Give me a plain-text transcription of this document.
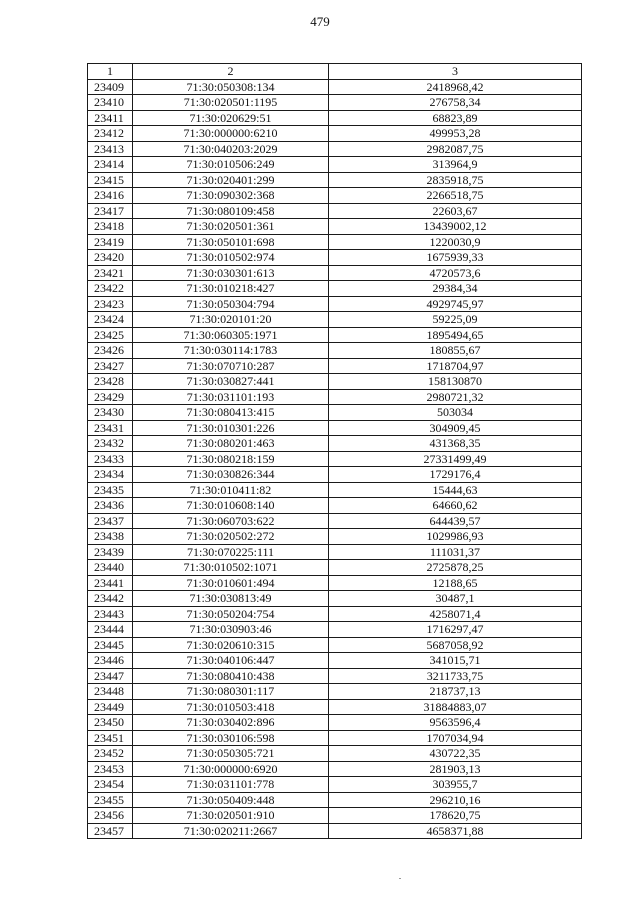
479
1	2	3
23409	71:30:050308:134	2418968,42
23410	71:30:020501:1195	276758,34
23411	71:30:020629:51	68823,89
23412	71:30:000000:6210	499953,28
23413	71:30:040203:2029	2982087,75
23414	71:30:010506:249	313964,9
23415	71:30:020401:299	2835918,75
23416	71:30:090302:368	2266518,75
23417	71:30:080109:458	22603,67
23418	71:30:020501:361	13439002,12
23419	71:30:050101:698	1220030,9
23420	71:30:010502:974	1675939,33
23421	71:30:030301:613	4720573,6
23422	71:30:010218:427	29384,34
23423	71:30:050304:794	4929745,97
23424	71:30:020101:20	59225,09
23425	71:30:060305:1971	1895494,65
23426	71:30:030114:1783	180855,67
23427	71:30:070710:287	1718704,97
23428	71:30:030827:441	158130870
23429	71:30:031101:193	2980721,32
23430	71:30:080413:415	503034
23431	71:30:010301:226	304909,45
23432	71:30:080201:463	431368,35
23433	71:30:080218:159	27331499,49
23434	71:30:030826:344	1729176,4
23435	71:30:010411:82	15444,63
23436	71:30:010608:140	64660,62
23437	71:30:060703:622	644439,57
23438	71:30:020502:272	1029986,93
23439	71:30:070225:111	111031,37
23440	71:30:010502:1071	2725878,25
23441	71:30:010601:494	12188,65
23442	71:30:030813:49	30487,1
23443	71:30:050204:754	4258071,4
23444	71:30:030903:46	1716297,47
23445	71:30:020610:315	5687058,92
23446	71:30:040106:447	341015,71
23447	71:30:080410:438	3211733,75
23448	71:30:080301:117	218737,13
23449	71:30:010503:418	31884883,07
23450	71:30:030402:896	9563596,4
23451	71:30:030106:598	1707034,94
23452	71:30:050305:721	430722,35
23453	71:30:000000:6920	281903,13
23454	71:30:031101:778	303955,7
23455	71:30:050409:448	296210,16
23456	71:30:020501:910	178620,75
23457	71:30:020211:2667	4658371,88
